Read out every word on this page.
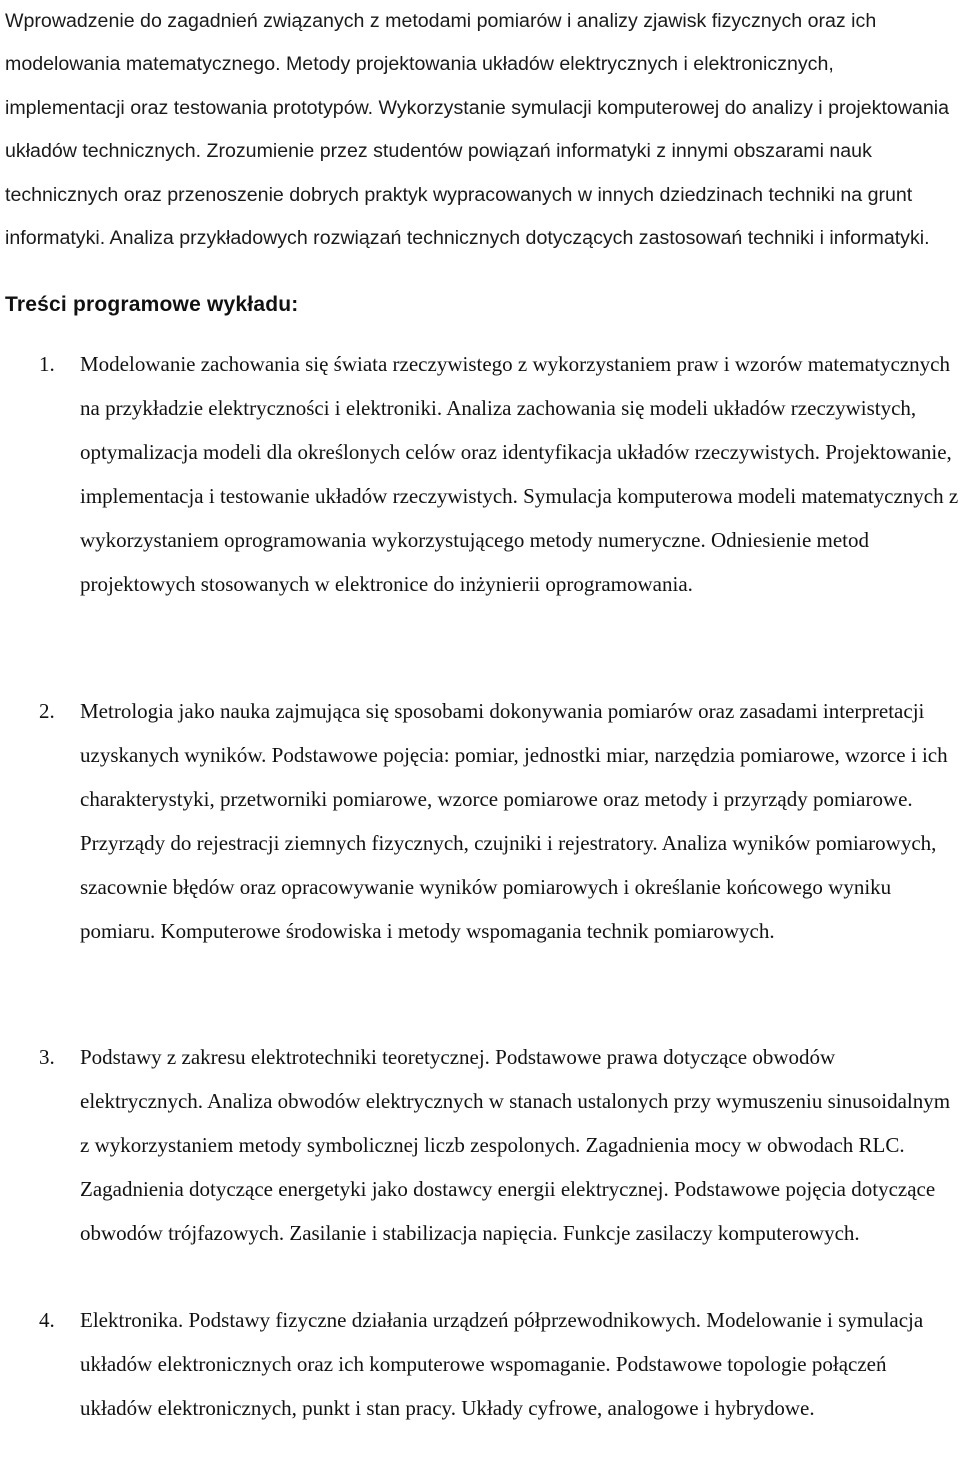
Wprowadzenie do zagadnień związanych z metodami pomiarów i analizy zjawisk fizycznych oraz ich modelowania matematycznego. Metody projektowania układów elektrycznych i elektronicznych, implementacji oraz testowania prototypów. Wykorzystanie symulacji komputerowej do analizy i projektowania układów technicznych. Zrozumienie przez studentów powiązań informatyki z innymi obszarami nauk technicznych oraz przenoszenie dobrych praktyk wypracowanych w innych dziedzinach techniki na grunt informatyki. Analiza przykładowych rozwiązań technicznych dotyczących zastosowań techniki i informatyki.

Treści programowe wykładu:
1. Modelowanie zachowania się świata rzeczywistego z wykorzystaniem praw i wzorów matematycznych na przykładzie elektryczności i elektroniki. Analiza zachowania się modeli układów rzeczywistych, optymalizacja modeli dla określonych celów oraz identyfikacja układów rzeczywistych. Projektowanie, implementacja i testowanie układów rzeczywistych. Symulacja komputerowa modeli matematycznych z wykorzystaniem oprogramowania wykorzystującego metody numeryczne. Odniesienie metod projektowych stosowanych w elektronice do inżynierii oprogramowania.

2. Metrologia jako nauka zajmująca się sposobami dokonywania pomiarów oraz zasadami interpretacji uzyskanych wyników. Podstawowe pojęcia: pomiar, jednostki miar, narzędzia pomiarowe, wzorce i ich charakterystyki, przetworniki pomiarowe, wzorce pomiarowe oraz metody i przyrządy pomiarowe. Przyrządy do rejestracji ziemnych fizycznych, czujniki i rejestratory. Analiza wyników pomiarowych, szacownie błędów oraz opracowywanie wyników pomiarowych i określanie końcowego wyniku pomiaru. Komputerowe środowiska i metody wspomagania technik pomiarowych.

3. Podstawy z zakresu elektrotechniki teoretycznej. Podstawowe prawa dotyczące obwodów elektrycznych. Analiza obwodów elektrycznych w stanach ustalonych przy wymuszeniu sinusoidalnym z wykorzystaniem metody symbolicznej liczb zespolonych. Zagadnienia mocy w obwodach RLC. Zagadnienia dotyczące energetyki jako dostawcy energii elektrycznej. Podstawowe pojęcia dotyczące obwodów trójfazowych. Zasilanie i stabilizacja napięcia. Funkcje zasilaczy komputerowych.

4. Elektronika. Podstawy fizyczne działania urządzeń półprzewodnikowych. Modelowanie i symulacja układów elektronicznych oraz ich komputerowe wspomaganie. Podstawowe topologie połączeń układów elektronicznych, punkt i stan pracy. Układy cyfrowe, analogowe i hybrydowe.
